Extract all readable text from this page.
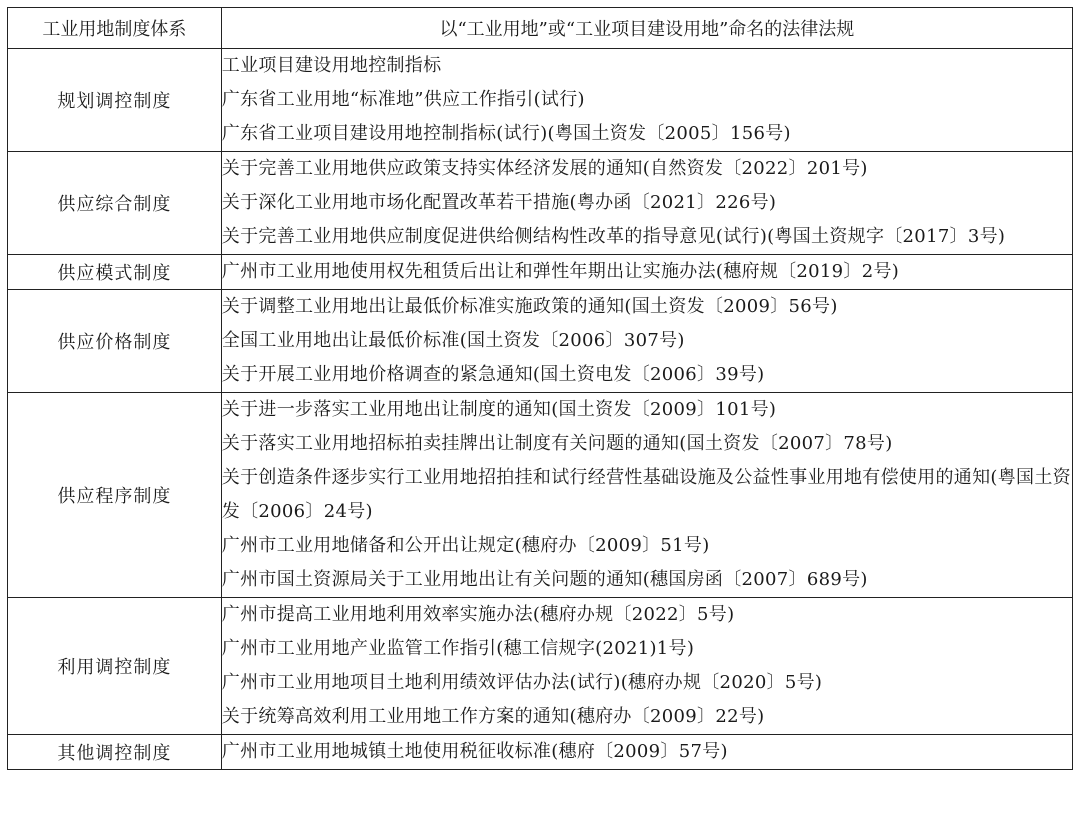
工业用地制度体系	以“工业用地”或“工业项目建设用地”命名的法律法规
规划调控制度	工业项目建设用地控制指标
广东省工业用地“标准地”供应工作指引(试行)
广东省工业项目建设用地控制指标(试行)(粤国土资发〔2005〕156号)

供应综合制度	关于完善工业用地供应政策支持实体经济发展的通知(自然资发〔2022〕201号)
关于深化工业用地市场化配置改革若干措施(粤办函〔2021〕226号)
关于完善工业用地供应制度促进供给侧结构性改革的指导意见(试行)(粤国土资规字〔2017〕3号)

供应模式制度	广州市工业用地使用权先租赁后出让和弹性年期出让实施办法(穗府规〔2019〕2号)

供应价格制度	关于调整工业用地出让最低价标准实施政策的通知(国土资发〔2009〕56号)
全国工业用地出让最低价标准(国土资发〔2006〕307号)
关于开展工业用地价格调查的紧急通知(国土资电发〔2006〕39号)

供应程序制度	关于进一步落实工业用地出让制度的通知(国土资发〔2009〕101号)
关于落实工业用地招标拍卖挂牌出让制度有关问题的通知(国土资发〔2007〕78号)
关于创造条件逐步实行工业用地招拍挂和试行经营性基础设施及公益性事业用地有偿使用的通知(粤国土资发〔2006〕24号)
广州市工业用地储备和公开出让规定(穗府办〔2009〕51号)
广州市国土资源局关于工业用地出让有关问题的通知(穗国房函〔2007〕689号)

利用调控制度	广州市提高工业用地利用效率实施办法(穗府办规〔2022〕5号)
广州市工业用地产业监管工作指引(穗工信规字(2021)1号)
广州市工业用地项目土地利用绩效评估办法(试行)(穗府办规〔2020〕5号)
关于统筹高效利用工业用地工作方案的通知(穗府办〔2009〕22号)

其他调控制度	广州市工业用地城镇土地使用税征收标准(穗府〔2009〕57号)
